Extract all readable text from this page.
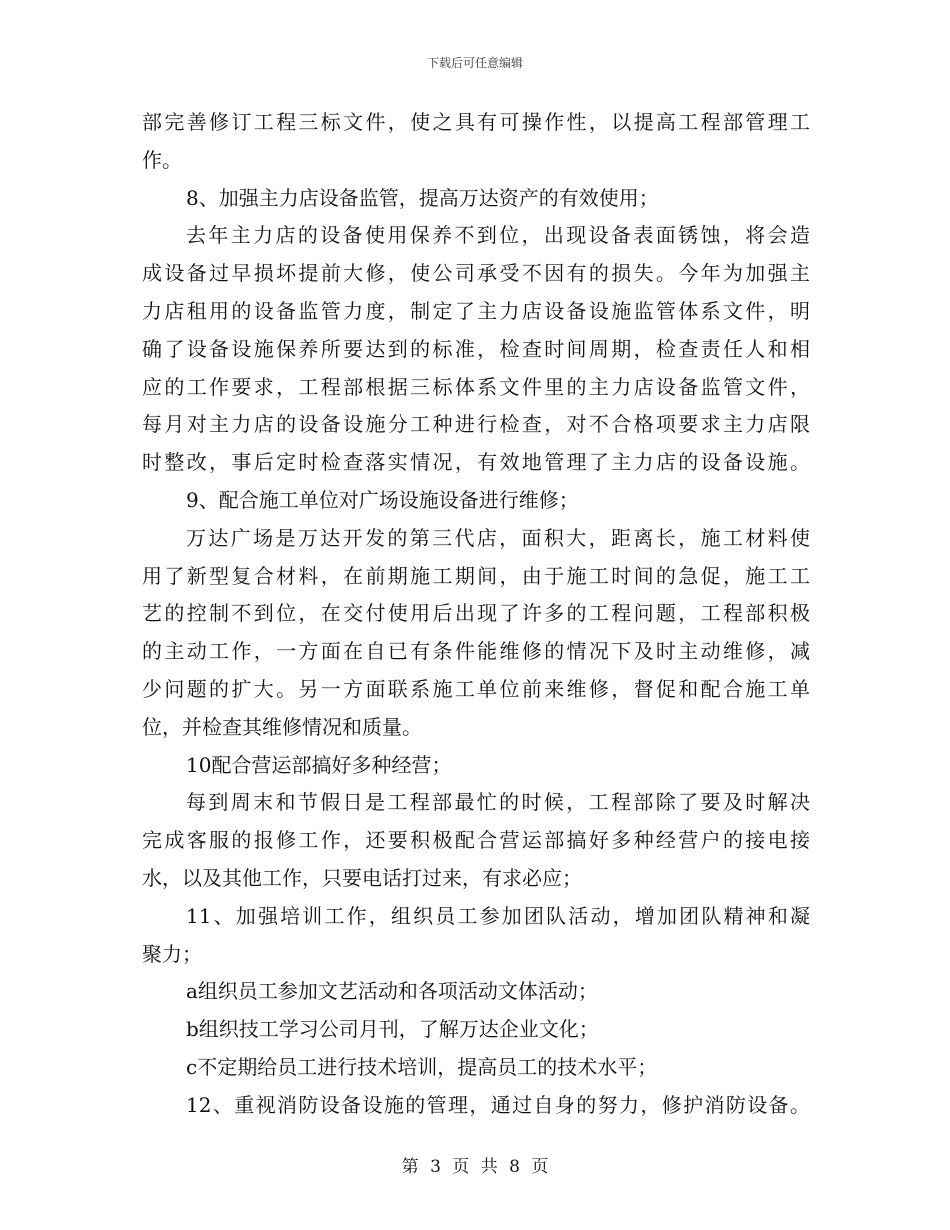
下载后可任意编辑
部完善修订工程三标文件，使之具有可操作性，以提高工程部管理工
作。
8、加强主力店设备监管，提高万达资产的有效使用；
去年主力店的设备使用保养不到位，出现设备表面锈蚀，将会造
成设备过早损坏提前大修，使公司承受不因有的损失。今年为加强主
力店租用的设备监管力度，制定了主力店设备设施监管体系文件，明
确了设备设施保养所要达到的标准，检查时间周期，检查责任人和相
应的工作要求，工程部根据三标体系文件里的主力店设备监管文件，
每月对主力店的设备设施分工种进行检查，对不合格项要求主力店限
时整改，事后定时检查落实情况，有效地管理了主力店的设备设施。
9、配合施工单位对广场设施设备进行维修；
万达广场是万达开发的第三代店，面积大，距离长，施工材料使
用了新型复合材料，在前期施工期间，由于施工时间的急促，施工工
艺的控制不到位，在交付使用后出现了许多的工程问题，工程部积极
的主动工作，一方面在自已有条件能维修的情况下及时主动维修，减
少问题的扩大。另一方面联系施工单位前来维修，督促和配合施工单
位，并检查其维修情况和质量。
10配合营运部搞好多种经营；
每到周末和节假日是工程部最忙的时候，工程部除了要及时解决
完成客服的报修工作，还要积极配合营运部搞好多种经营户的接电接
水，以及其他工作，只要电话打过来，有求必应；
11、加强培训工作，组织员工参加团队活动，增加团队精神和凝
聚力；
a组织员工参加文艺活动和各项活动文体活动；
b组织技工学习公司月刊，了解万达企业文化；
c不定期给员工进行技术培训，提高员工的技术水平；
12、重视消防设备设施的管理，通过自身的努力，修护消防设备。
第 3 页 共 8 页
